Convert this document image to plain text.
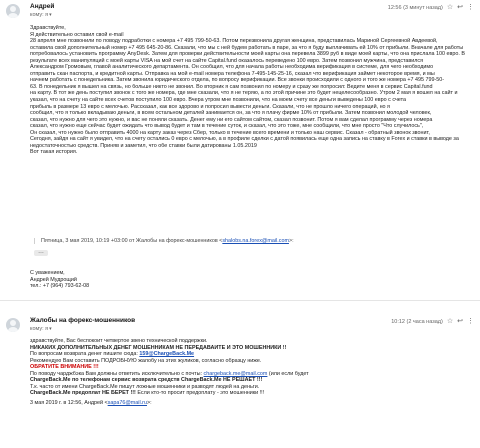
Андрей
кому: я▾
12:56 (3 минут назад) ☆ ↩ ⋮

Здравствуйте,

Я действительно оставил свой e-mail

28 апреля мне позвонили по поводу подработки с номера +7 495 799-50-63. Потом перезвонила другая женщина, представилась Мариной Сергеевной Авдеевой,

оставила свой дополнительный номер +7 495 645-20-86. Сказали, что мы с ней будем работать в паре, за что я буду выплачивать ей 10% от прибыли. Вначале для работы

потребовалось установить программу AnyDesk. Затем для проверки действительности моей карты она перевела 3899 руб в виде моей карты, что она прислала 100 евро. В

результате всех манипуляций с моей карты VISA на мой счет на сайте Capital.fund оказалось переведено 100 евро. Затем позвонил мужчина, представился

Александром Громовым, главой аналитического департамента. Он сообщил, что для начала работы необходима верификация в системе, для чего необходимо

отправить скан паспорта, и кредитной карты. Отправка на мой e-mail номера телефона 7-495-145-25-16, сказал что верификация займет некоторое время, и мы

начнем работать с понедельника. Затем звонила юридического отдела, по вопросу верификации. Все звонки происходили с одного и того же номера +7 495 799-50-

63. В понедельник я вышел на связь, но больше никто не звонил. Во вторник я сам позвонил по номеру и сразу же попросил: Ведите меня в сервис Capital.fund

на карту. В тот же день поступил звонок с того же номера, где мне сказали, что я не теряю, а по этой причине это будет нецелесообразно. Утром 2 мая я вошел на сайт и

указал, что на счету на сайте всех счетов поступило 100 евро. Вчера утром мне позвонили, что на моем счету все деньги выведены 100 евро с счета

прибыль в размере 13 евро с мелочью. Рассказал, как все здорово и попросил вывести деньги. Сказали, что не прошло ничего операций, но я

сообщил, что я только вкладываю деньги, в всем остальном деталей занимается он, за что я плачу фирме 10% от прибыли. Затем позвонил молодой человек,

сказал, что нужно для чего это нужно, и вас не поняли сказать. Денег ему ни его сайтом сайтом, сказал позвонит. Потом я вам сделал программу через номера

сказал, что нужно еще сейчас будет ожидать что вывод будет и там в течение суток, и сказал, что это тоже, мне сообщили, что мне просто "Что случилось",

Он сказал, что нужно было отправить 4000 на карту заказ через Сбер, только в течение всего времени и только наш сервис. Сказал - обратный звонок звонит,

Сегодня, зайдя на сайт я увидел, что на счету остались 0 евро с мелочью, а в профиле сделки с датой появилась еще одна запись на ставку в Forex и ставки в выводе за

недостаточностью средств. Приняв и заметил, что обе ставки были датированы 1.05.2019

Вот такая история.

Пятница, 3 мая 2019, 10:19 +03:00 от Жалобы на форекс-мошенников <shalobs.na.forex@mail.com>:
…

С уважением,

Андрей Мудрощий

тел.: +7 (964) 793-62-08

Жалобы на форекс-мошенников
кому: я▾
10:12 (2 часа назад) ☆ ↩ ⋮

здравствуйте, Вас беспокоит четвертое звено технической поддержки.

НИКАКИХ ДОПОЛНИТЕЛЬНЫХ ДЕНЕГ МОШЕННИКАМ НЕ ПЕРЕДАВАЙТЕ И ЭТО МОШЕННИКИ !!

По вопросам возврата денег пишите сюда: 159@ChargeBack.Me

Рекомендую Вам составить ПОДРОБНУЮ жалобу на этих жуликов, согласно образцу ниже.

ОБРАТИТЕ ВНИМАНИЕ !!!

По поводу чарджбэка Вам должны ответить исключительно с почты: chargeback.me@mail.com (или если будет

ChargeBack.Me по телефонам сервис возврата средств ChargeBack.Me НЕ РЕШАЕТ !!!

Т.к. часто от имени ChargeBack.Me пишут ложные мошенники и разводят людей на деньги.

ChargeBack.Me предоплат НЕ БЕРЕТ !!! Если кто-то просит предоплату - это мошенники !!!

3 мая 2019 г. в 12:56, Андрей <sapa76@mail.ru>:
